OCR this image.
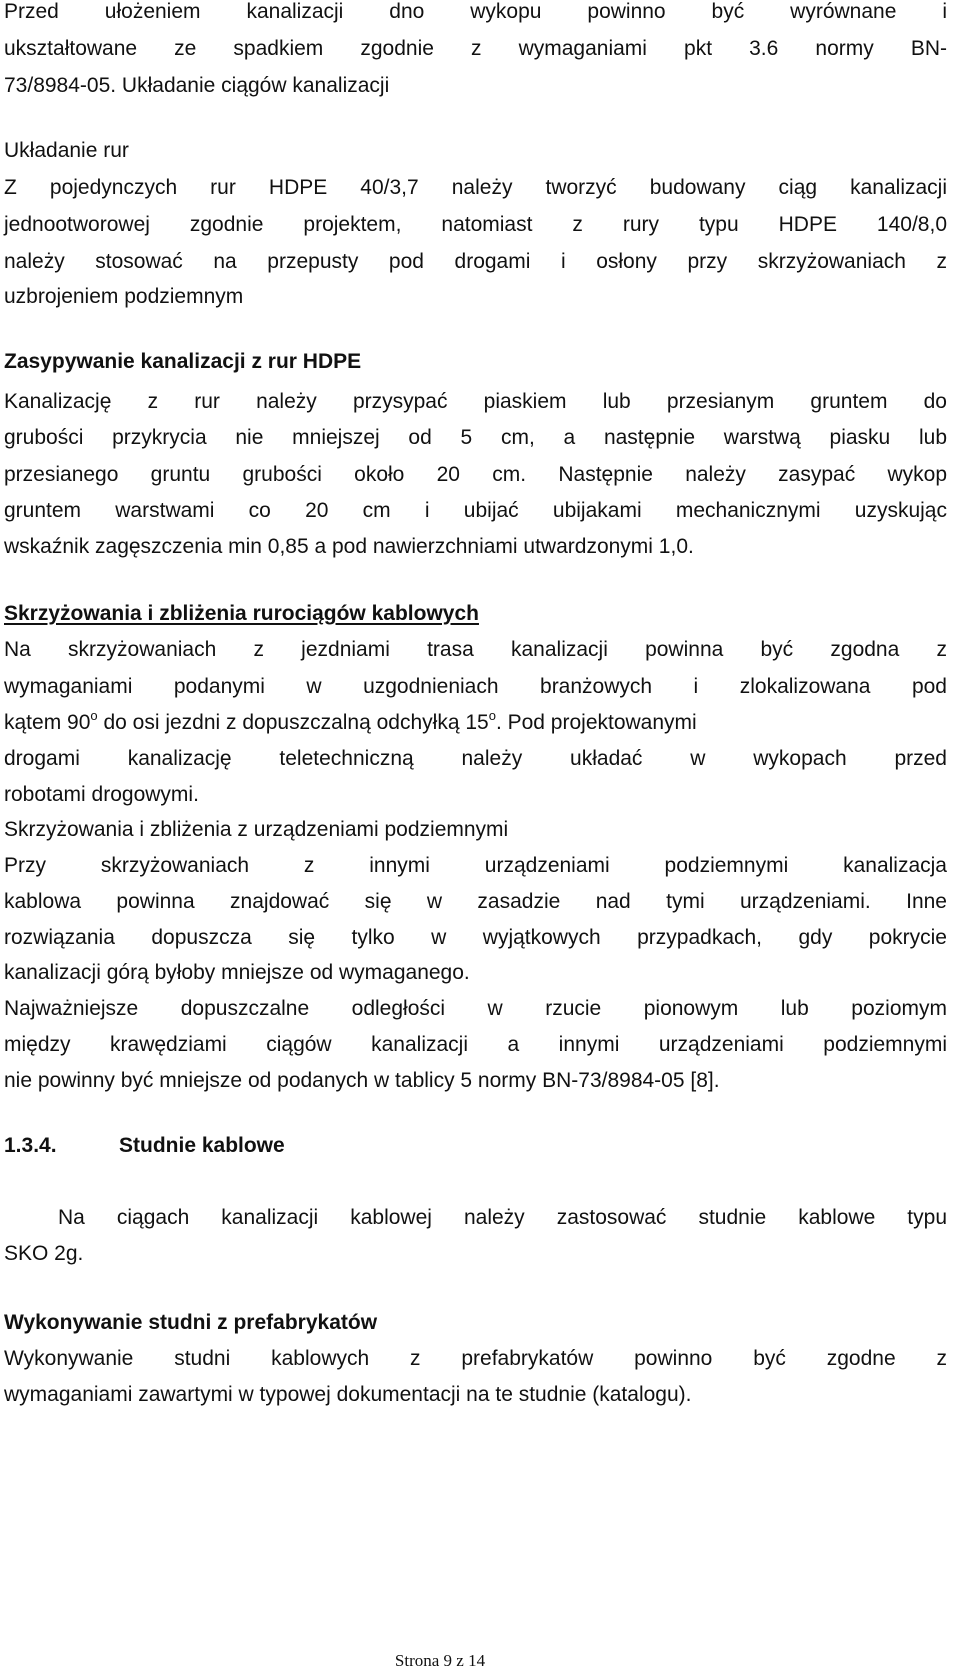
Przed ułożeniem kanalizacji dno wykopu powinno być wyrównane i
ukształtowane ze spadkiem zgodnie z wymaganiami pkt 3.6 normy BN-
73/8984-05. Układanie ciągów kanalizacji
Układanie rur
Z pojedynczych rur HDPE 40/3,7 należy tworzyć budowany ciąg kanalizacji
jednootworowej zgodnie projektem, natomiast z rury typu HDPE 140/8,0
należy stosować na przepusty pod drogami i osłony przy skrzyżowaniach z
uzbrojeniem podziemnym
Zasypywanie kanalizacji z rur HDPE
Kanalizację z rur należy przysypać piaskiem lub przesianym gruntem do
grubości przykrycia nie mniejszej od 5 cm, a następnie warstwą piasku lub
przesianego gruntu grubości około 20 cm. Następnie należy zasypać wykop
gruntem warstwami co 20 cm i ubijać ubijakami mechanicznymi uzyskując
wskaźnik zagęszczenia min 0,85 a pod nawierzchniami utwardzonymi 1,0.
Skrzyżowania i zbliżenia rurociągów kablowych
Na skrzyżowaniach z jezdniami trasa kanalizacji powinna być zgodna z
wymaganiami podanymi w uzgodnieniach branżowych i zlokalizowana pod
kątem 90$^o$ do osi jezdni z dopuszczalną odchyłką 15$^o$. Pod projektowanymi
drogami kanalizację teletechniczną należy układać w wykopach przed
robotami drogowymi.
Skrzyżowania i zbliżenia z urządzeniami podziemnymi
Przy skrzyżowaniach z innymi urządzeniami podziemnymi kanalizacja
kablowa powinna znajdować się w zasadzie nad tymi urządzeniami. Inne
rozwiązania dopuszcza się tylko w wyjątkowych przypadkach, gdy pokrycie
kanalizacji górą byłoby mniejsze od wymaganego.
Najważniejsze dopuszczalne odległości w rzucie pionowym lub poziomym
między krawędziami ciągów kanalizacji a innymi urządzeniami podziemnymi
nie powinny być mniejsze od podanych w tablicy 5 normy BN-73/8984-05 [8].
1.3.4.	Studnie kablowe
Na ciągach kanalizacji kablowej należy zastosować studnie kablowe typu
SKO 2g.
Wykonywanie studni z prefabrykatów
Wykonywanie studni kablowych z prefabrykatów powinno być zgodne z
wymaganiami zawartymi w typowej dokumentacji na te studnie (katalogu).
Strona 9 z 14
